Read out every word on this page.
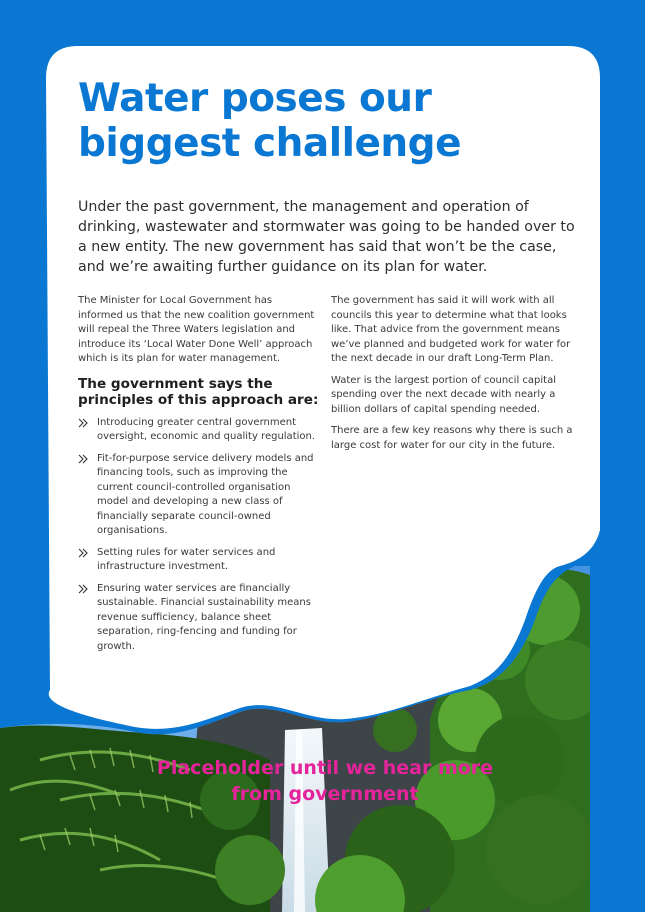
Water poses our biggest challenge

Under the past government, the management and operation of drinking, wastewater and stormwater was going to be handed over to a new entity. The new government has said that won’t be the case, and we’re awaiting further guidance on its plan for water.

The Minister for Local Government has informed us that the new coalition government will repeal the Three Waters legislation and introduce its ‘Local Water Done Well’ approach which is its plan for water management.

The government says the principles of this approach are:
Introducing greater central government oversight, economic and quality regulation.
Fit-for-purpose service delivery models and financing tools, such as improving the current council-controlled organisation model and developing a new class of financially separate council-owned organisations.
Setting rules for water services and infrastructure investment.
Ensuring water services are financially sustainable. Financial sustainability means revenue sufficiency, balance sheet separation, ring-fencing and funding for growth.

The government has said it will work with all councils this year to determine what that looks like. That advice from the government means we’ve planned and budgeted work for water for the next decade in our draft Long-Term Plan.

Water is the largest portion of council capital spending over the next decade with nearly a billion dollars of capital spending needed.

There are a few key reasons why there is such a large cost for water for our city in the future.

Placeholder until we hear more from government
